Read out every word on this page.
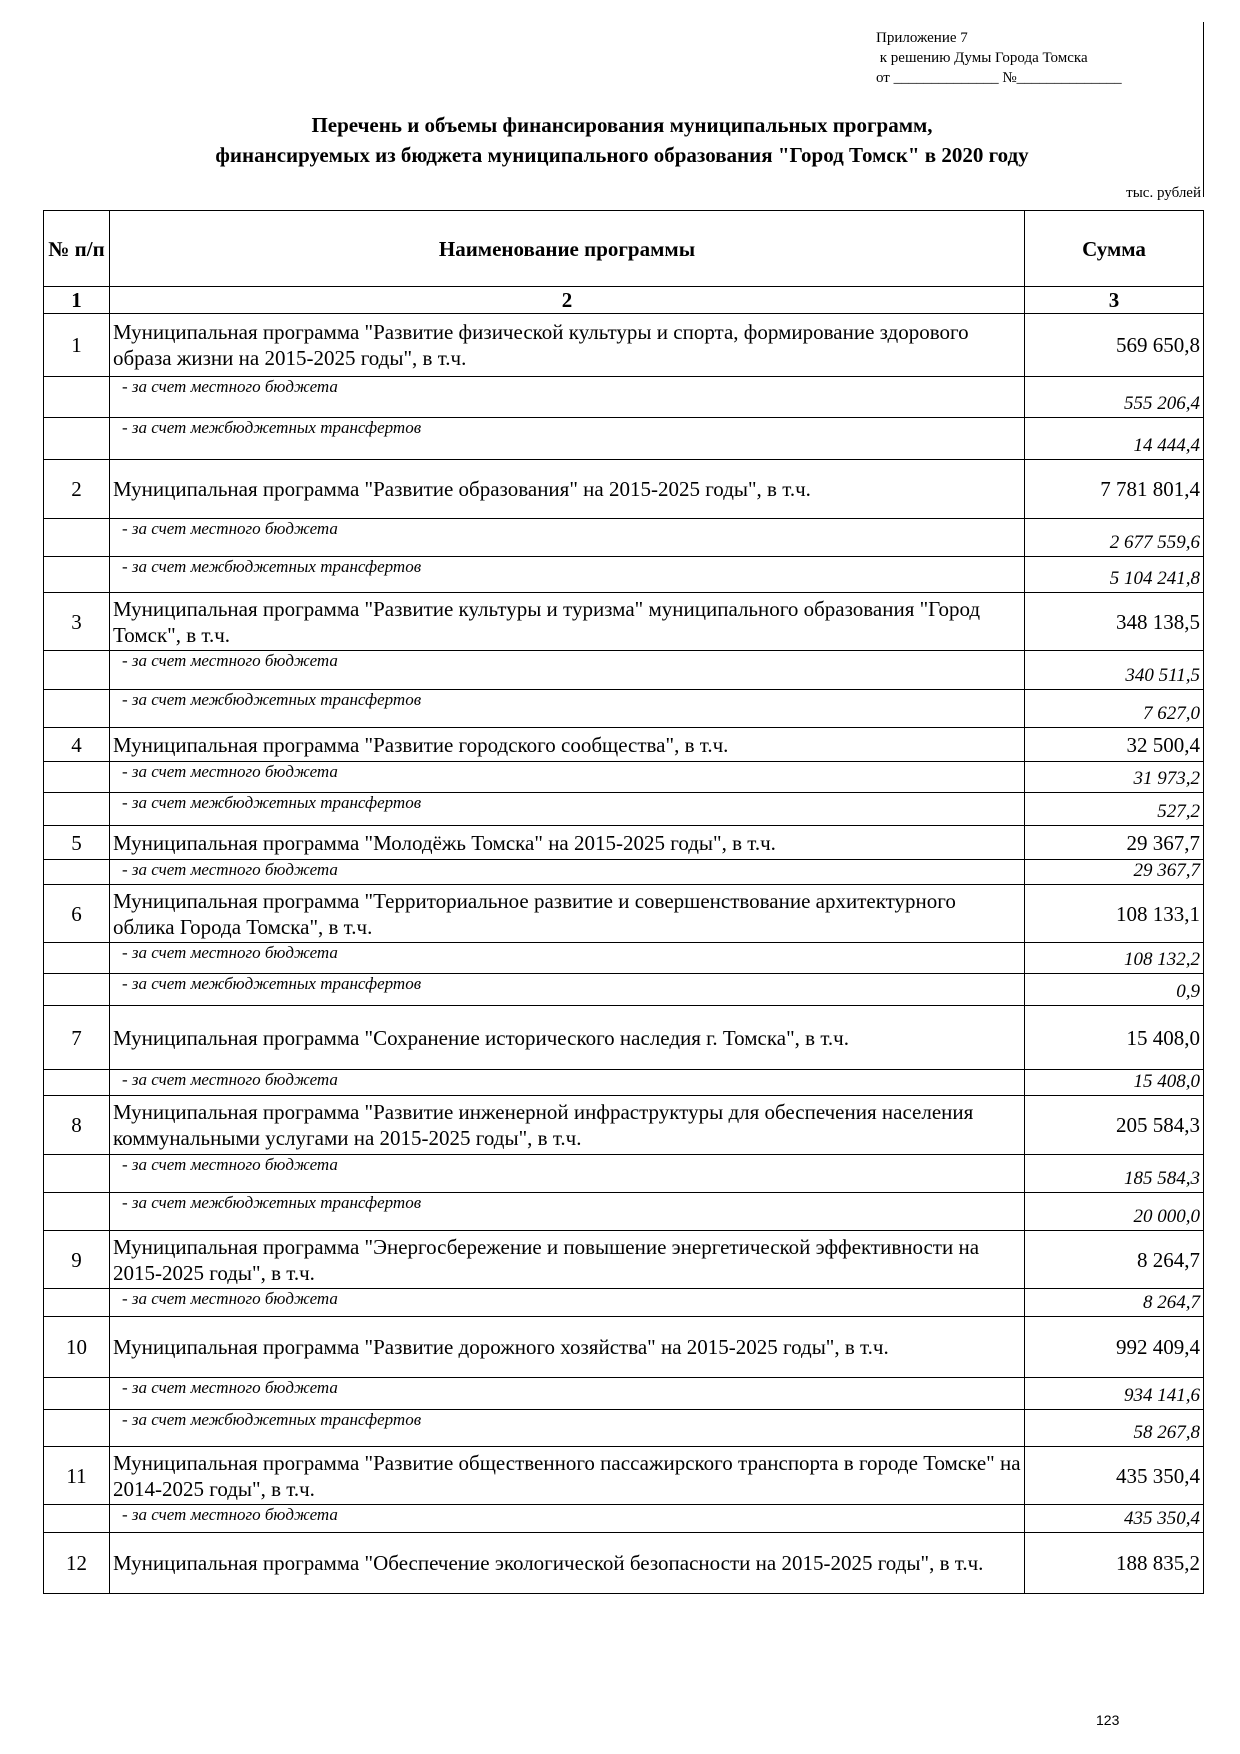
Приложение 7
к решению Думы Города Томска
от ______________ №______________
Перечень и объемы финансирования муниципальных программ,
финансируемых из бюджета муниципального образования "Город Томск" в 2020 году
тыс. рублей
№ п/п	Наименование программы	Сумма
1	2	3
1	Муниципальная программа "Развитие физической культуры и спорта, формирование здорового образа жизни на 2015-2025 годы", в т.ч.	569 650,8
	- за счет местного бюджета	555 206,4
	- за счет межбюджетных трансфертов	14 444,4
2	Муниципальная программа "Развитие образования" на 2015-2025 годы", в т.ч.	7 781 801,4
	- за счет местного бюджета	2 677 559,6
	- за счет межбюджетных трансфертов	5 104 241,8
3	Муниципальная программа "Развитие культуры и туризма" муниципального образования "Город Томск", в т.ч.	348 138,5
	- за счет местного бюджета	340 511,5
	- за счет межбюджетных трансфертов	7 627,0
4	Муниципальная программа "Развитие городского сообщества", в т.ч.	32 500,4
	- за счет местного бюджета	31 973,2
	- за счет межбюджетных трансфертов	527,2
5	Муниципальная программа "Молодёжь Томска" на 2015-2025 годы", в т.ч.	29 367,7
	- за счет местного бюджета	29 367,7
6	Муниципальная программа "Территориальное развитие и совершенствование архитектурного облика Города Томска", в т.ч.	108 133,1
	- за счет местного бюджета	108 132,2
	- за счет межбюджетных трансфертов	0,9
7	Муниципальная программа "Сохранение исторического наследия г. Томска", в т.ч.	15 408,0
	- за счет местного бюджета	15 408,0
8	Муниципальная программа "Развитие инженерной инфраструктуры для обеспечения населения коммунальными услугами на 2015-2025 годы", в т.ч.	205 584,3
	- за счет местного бюджета	185 584,3
	- за счет межбюджетных трансфертов	20 000,0
9	Муниципальная программа "Энергосбережение и повышение энергетической эффективности на 2015-2025 годы", в т.ч.	8 264,7
	- за счет местного бюджета	8 264,7
10	Муниципальная программа "Развитие дорожного хозяйства" на 2015-2025 годы", в т.ч.	992 409,4
	- за счет местного бюджета	934 141,6
	- за счет межбюджетных трансфертов	58 267,8
11	Муниципальная программа "Развитие общественного пассажирского транспорта в городе Томске" на 2014-2025 годы", в т.ч.	435 350,4
	- за счет местного бюджета	435 350,4
12	Муниципальная программа "Обеспечение экологической безопасности на 2015-2025 годы", в т.ч.	188 835,2
123
